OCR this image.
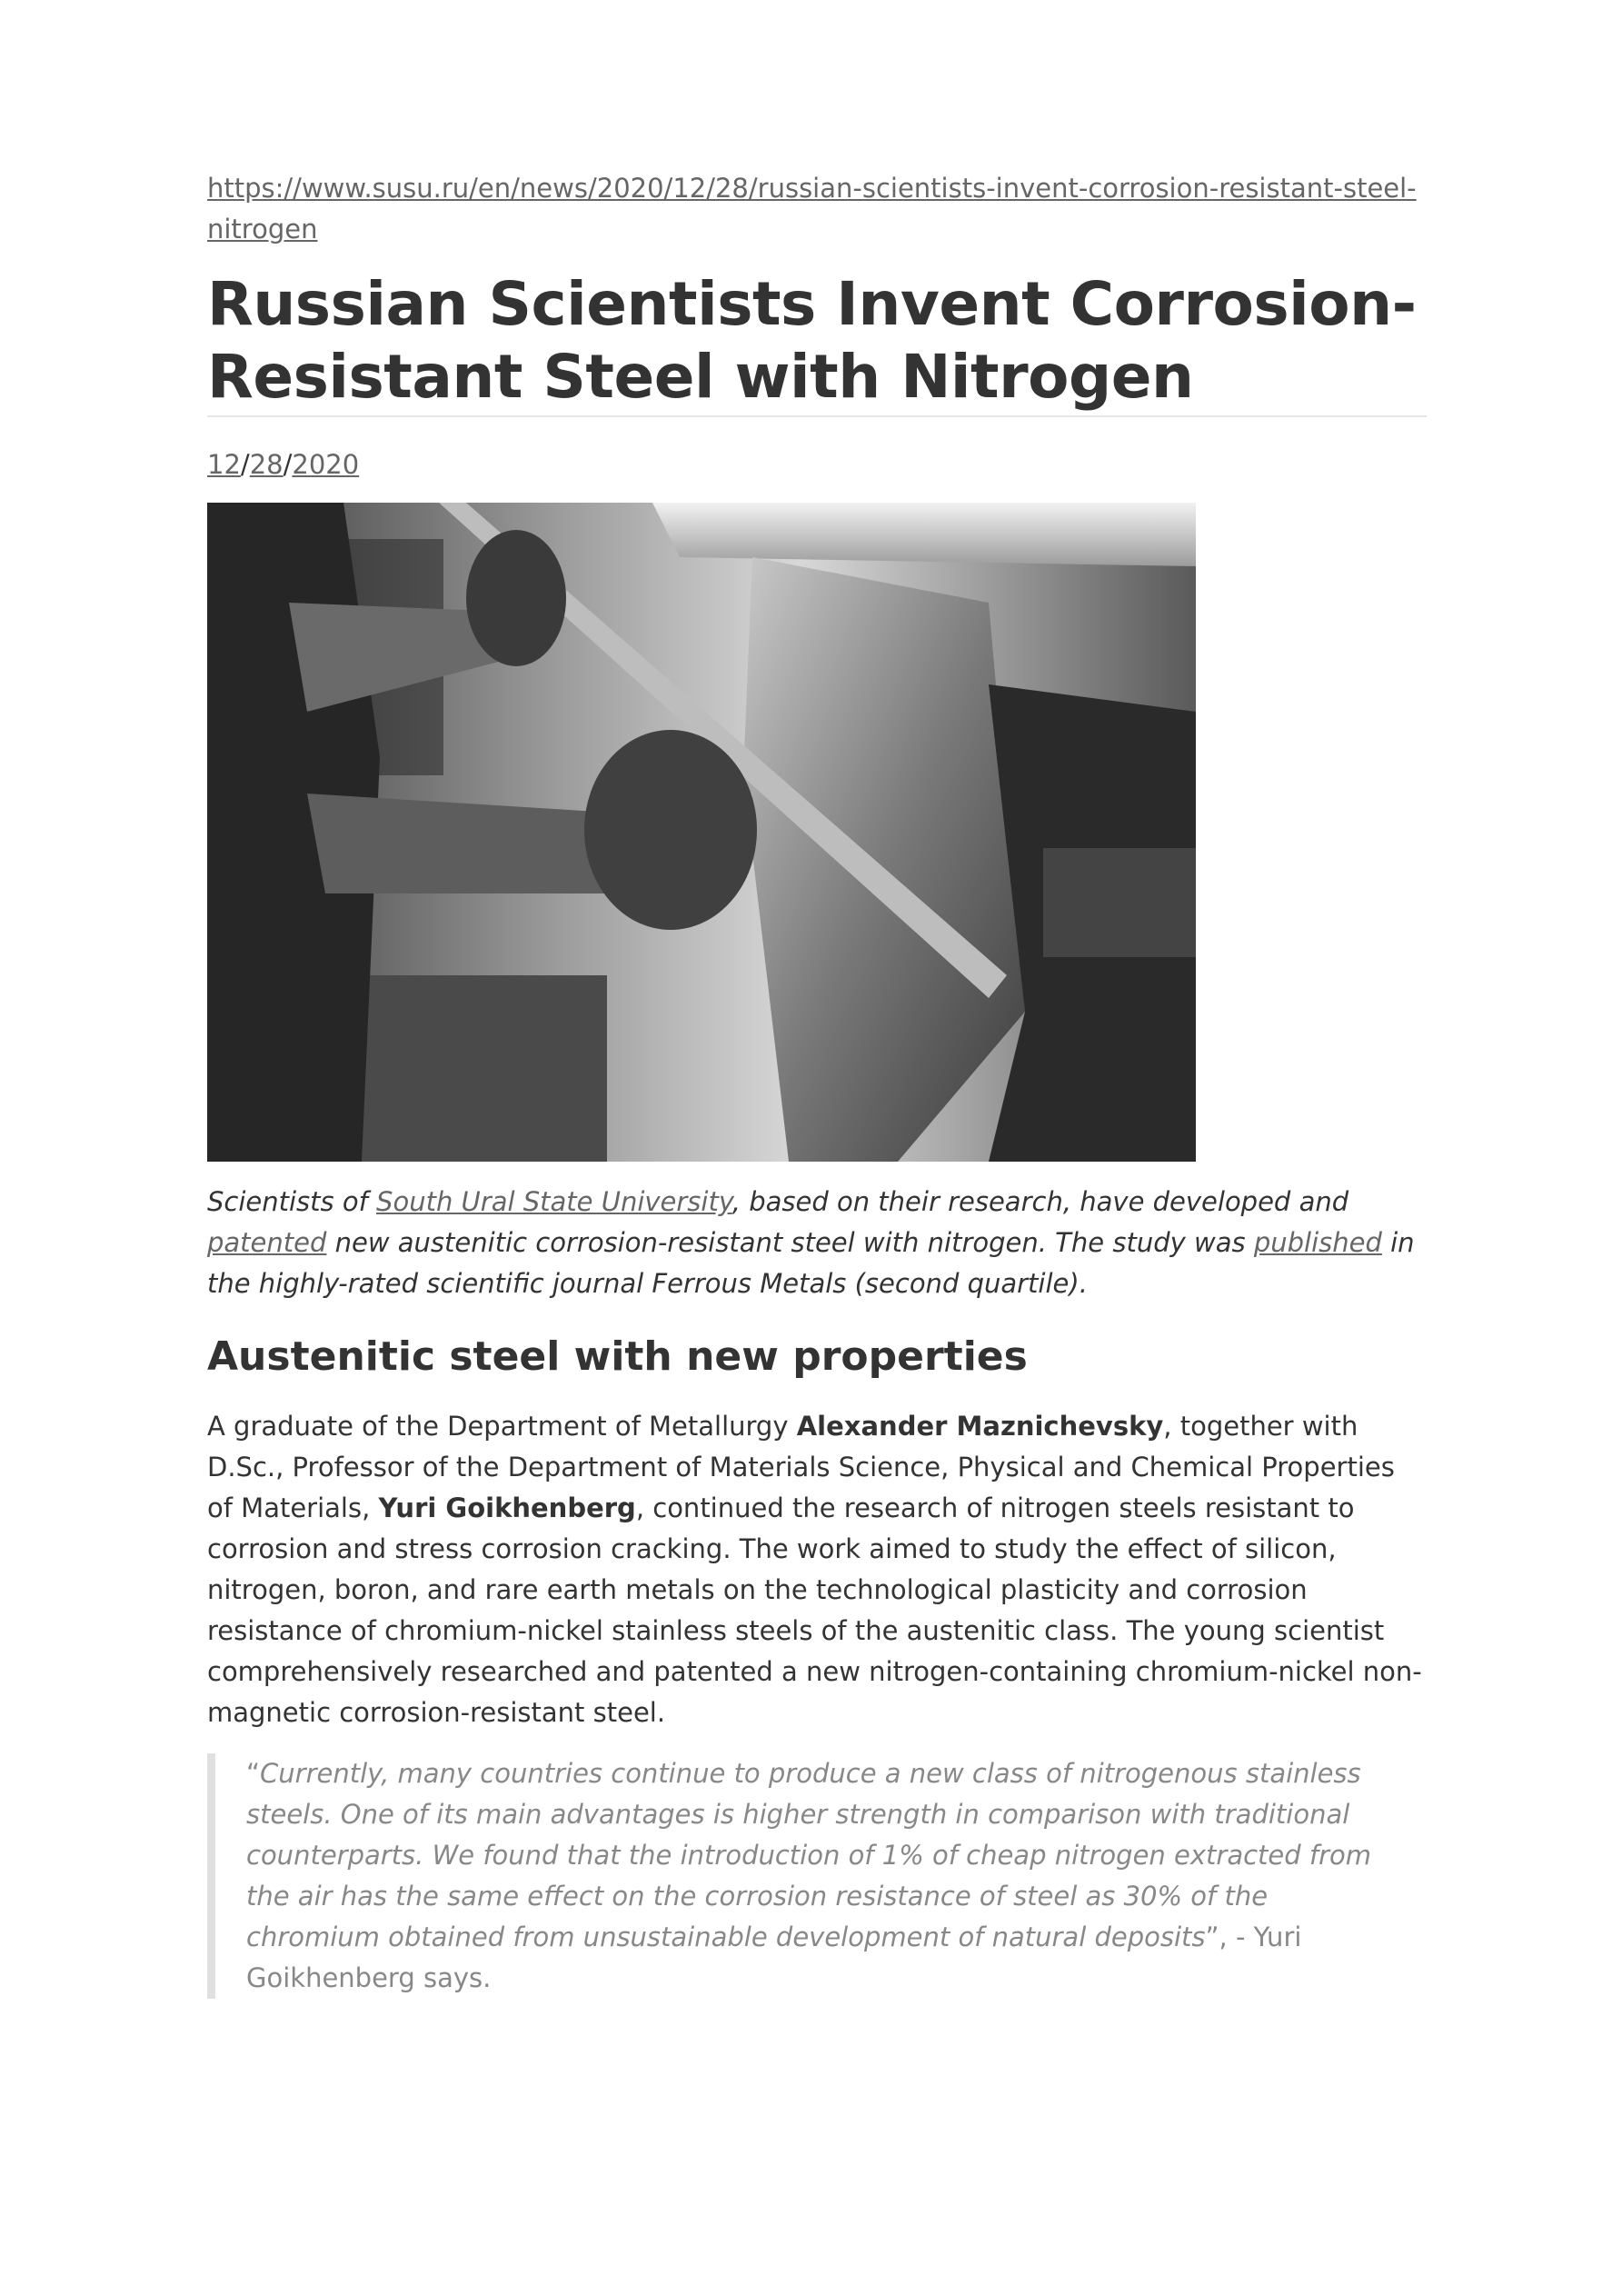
https://www.susu.ru/en/news/2020/12/28/russian-scientists-invent-corrosion-resistant-steel-nitrogen
Russian Scientists Invent Corrosion-Resistant Steel with Nitrogen
12/28/2020
Scientists of South Ural State University, based on their research, have developed and patented new austenitic corrosion-resistant steel with nitrogen. The study was published in the highly-rated scientific journal Ferrous Metals (second quartile).
Austenitic steel with new properties
A graduate of the Department of Metallurgy Alexander Maznichevsky, together with D.Sc., Professor of the Department of Materials Science, Physical and Chemical Properties of Materials, Yuri Goikhenberg, continued the research of nitrogen steels resistant to corrosion and stress corrosion cracking. The work aimed to study the effect of silicon, nitrogen, boron, and rare earth metals on the technological plasticity and corrosion resistance of chromium-nickel stainless steels of the austenitic class. The young scientist comprehensively researched and patented a new nitrogen-containing chromium-nickel non-magnetic corrosion-resistant steel.
“Currently, many countries continue to produce a new class of nitrogenous stainless steels. One of its main advantages is higher strength in comparison with traditional counterparts. We found that the introduction of 1% of cheap nitrogen extracted from the air has the same effect on the corrosion resistance of steel as 30% of the chromium obtained from unsustainable development of natural deposits”, - Yuri Goikhenberg says.
